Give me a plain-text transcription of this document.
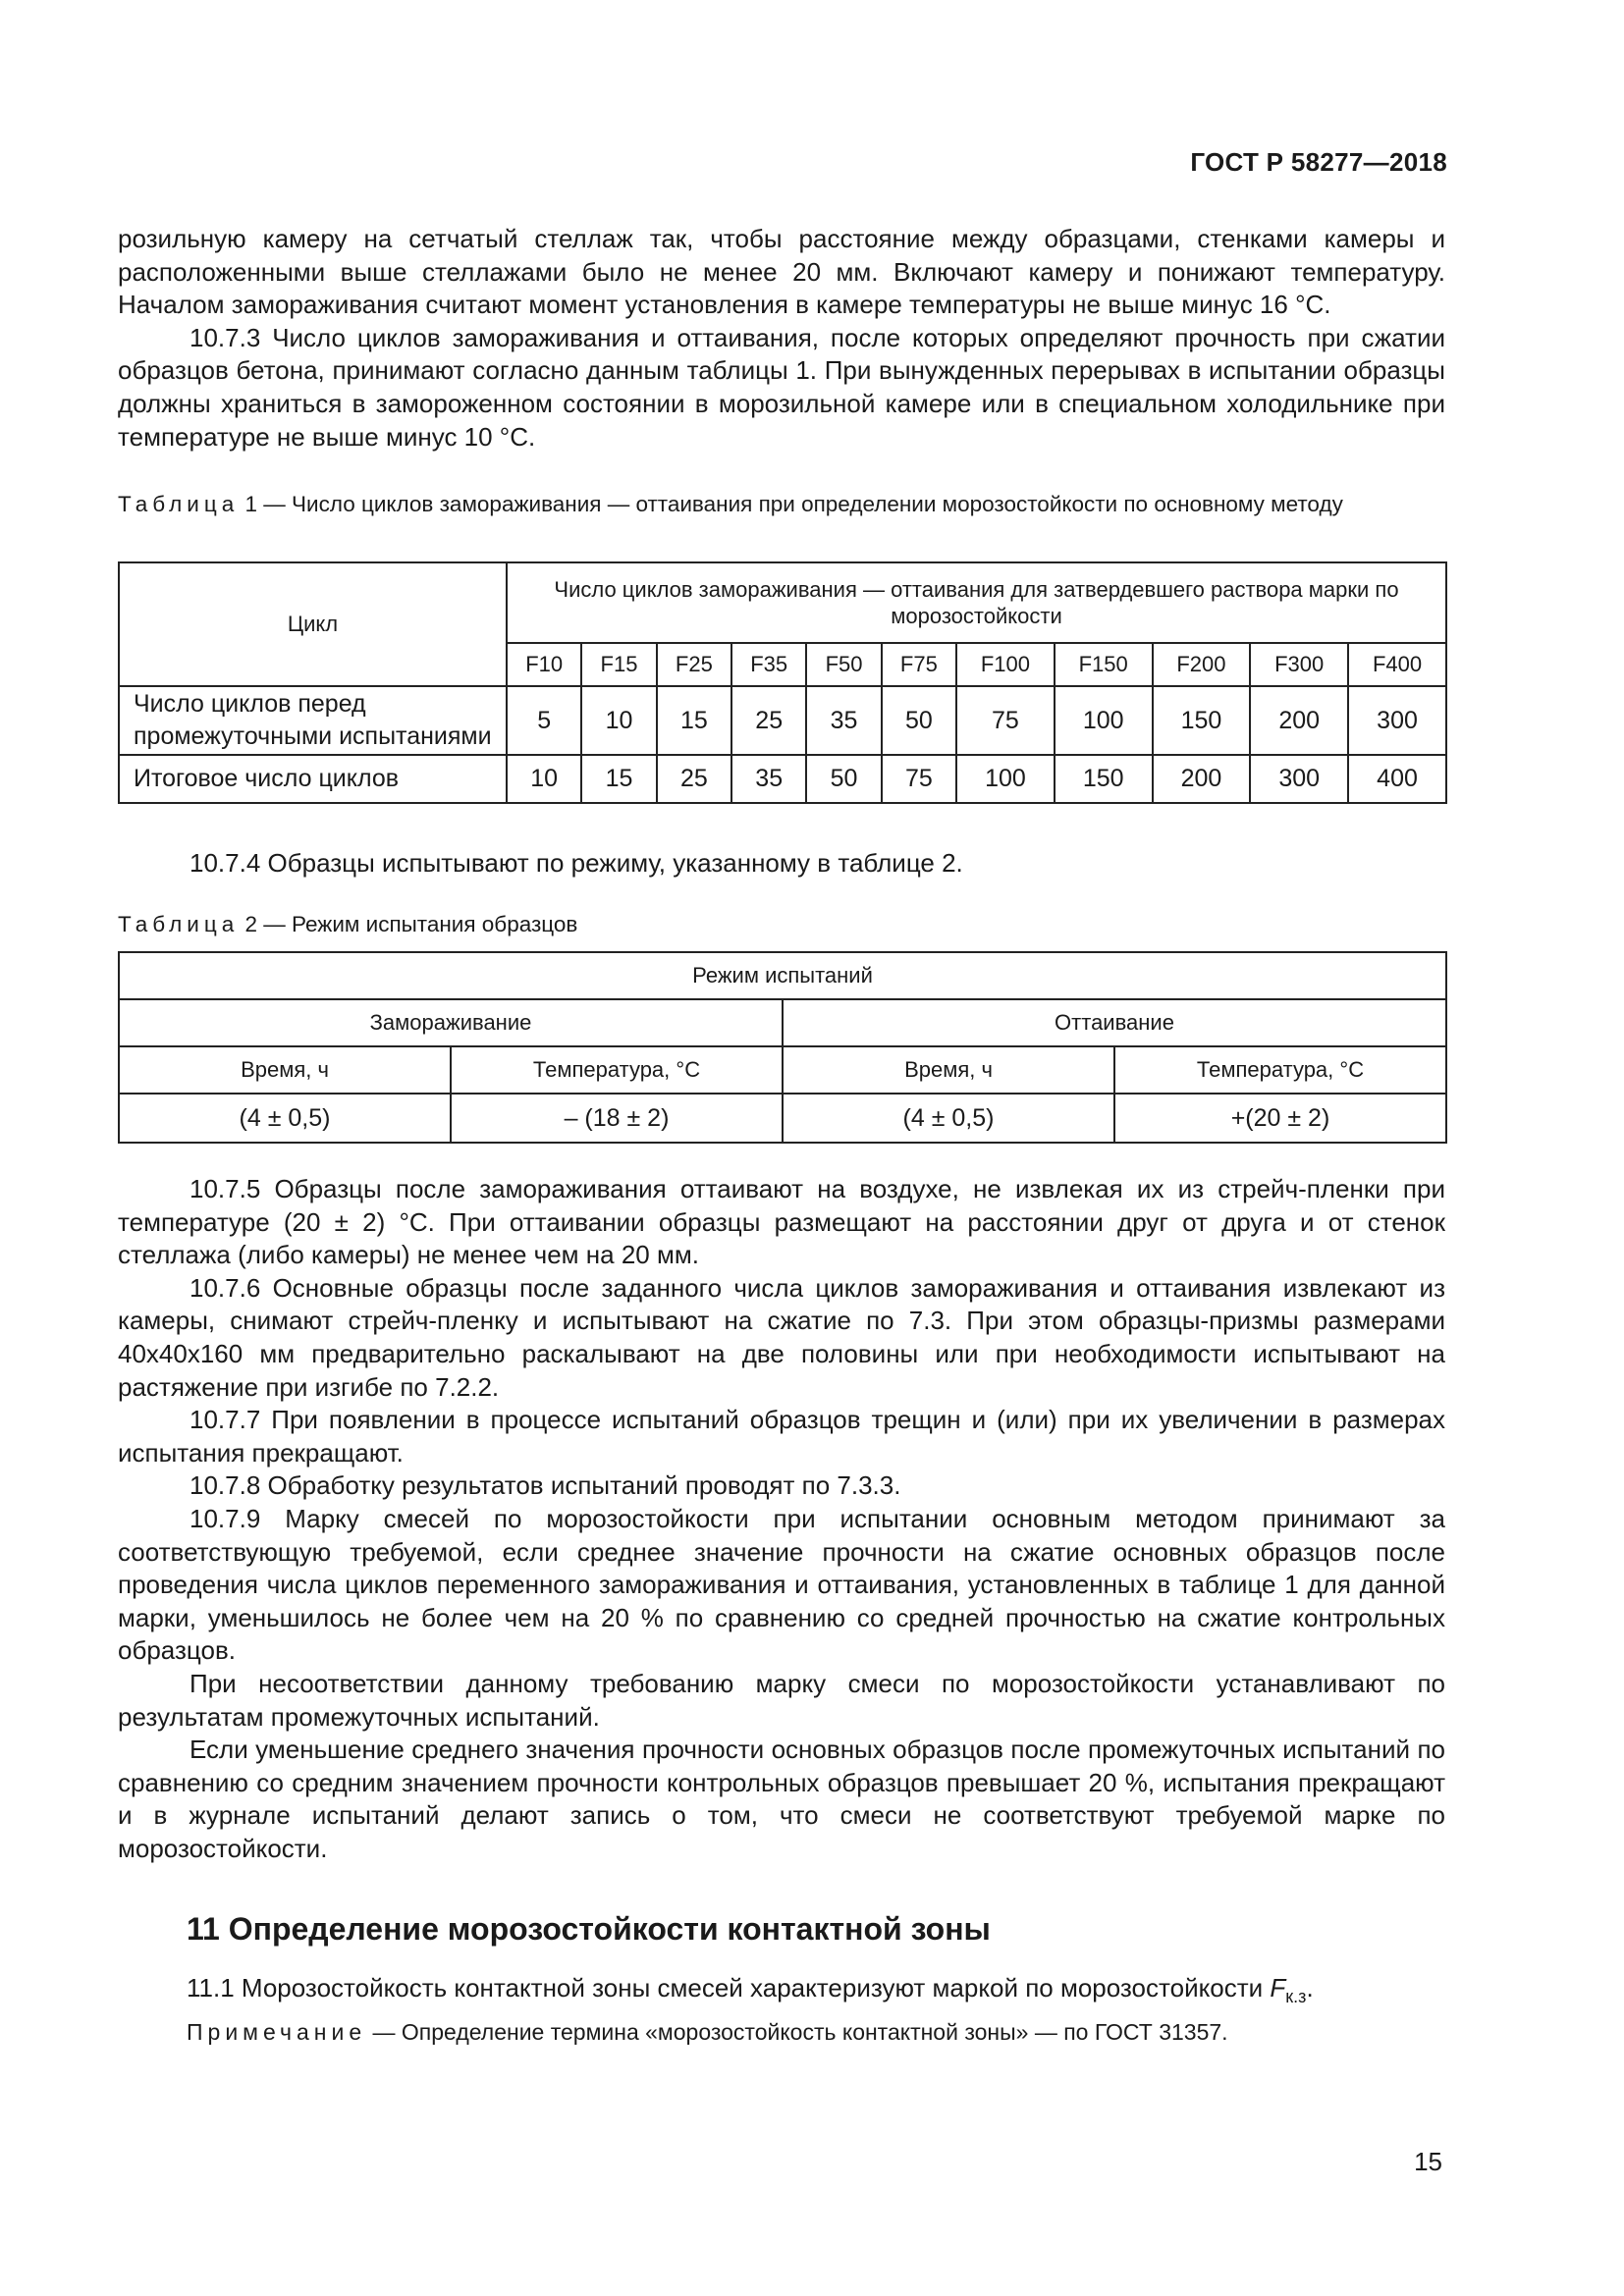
ГОСТ Р 58277—2018

розильную камеру на сетчатый стеллаж так, чтобы расстояние между образцами, стенками камеры и расположенными выше стеллажами было не менее 20 мм. Включают камеру и понижают температуру. Началом замораживания считают момент установления в камере температуры не выше минус 16 °С.

10.7.3 Число циклов замораживания и оттаивания, после которых определяют прочность при сжатии образцов бетона, принимают согласно данным таблицы 1. При вынужденных перерывах в испытании образцы должны храниться в замороженном состоянии в морозильной камере или в специальном холодильнике при температуре не выше минус 10 °С.

Таблица 1 — Число циклов замораживания — оттаивания при определении морозостойкости по основному методу
Цикл	Число циклов замораживания — оттаивания для затвердевшего раствора марки по морозостойкости										
	F10	F15	F25	F35	F50	F75	F100	F150	F200	F300	F400
Число циклов перед промежуточными испытаниями	5	10	15	25	35	50	75	100	150	200	300
Итоговое число циклов	10	15	25	35	50	75	100	150	200	300	400

10.7.4 Образцы испытывают по режиму, указанному в таблице 2.

Таблица 2 — Режим испытания образцов
Режим испытаний			
Замораживание		Оттаивание	
Время, ч	Температура, °С	Время, ч	Температура, °С
(4 ± 0,5)	– (18 ± 2)	(4 ± 0,5)	+(20 ± 2)

10.7.5 Образцы после замораживания оттаивают на воздухе, не извлекая их из стрейч-пленки при температуре (20 ± 2) °С. При оттаивании образцы размещают на расстоянии друг от друга и от стенок стеллажа (либо камеры) не менее чем на 20 мм.

10.7.6 Основные образцы после заданного числа циклов замораживания и оттаивания извлекают из камеры, снимают стрейч-пленку и испытывают на сжатие по 7.3. При этом образцы-призмы размерами 40х40х160 мм предварительно раскалывают на две половины или при необходимости испытывают на растяжение при изгибе по 7.2.2.

10.7.7 При появлении в процессе испытаний образцов трещин и (или) при их увеличении в размерах испытания прекращают.

10.7.8 Обработку результатов испытаний проводят по 7.3.3.

10.7.9 Марку смесей по морозостойкости при испытании основным методом принимают за соответствующую требуемой, если среднее значение прочности на сжатие основных образцов после проведения числа циклов переменного замораживания и оттаивания, установленных в таблице 1 для данной марки, уменьшилось не более чем на 20 % по сравнению со средней прочностью на сжатие контрольных образцов.

При несоответствии данному требованию марку смеси по морозостойкости устанавливают по результатам промежуточных испытаний.

Если уменьшение среднего значения прочности основных образцов после промежуточных испытаний по сравнению со средним значением прочности контрольных образцов превышает 20 %, испытания прекращают и в журнале испытаний делают запись о том, что смеси не соответствуют требуемой марке по морозостойкости.

11 Определение морозостойкости контактной зоны
11.1 Морозостойкость контактной зоны смесей характеризуют маркой по морозостойкости $F_{к.з}$.
Примечание — Определение термина «морозостойкость контактной зоны» — по ГОСТ 31357.
15
